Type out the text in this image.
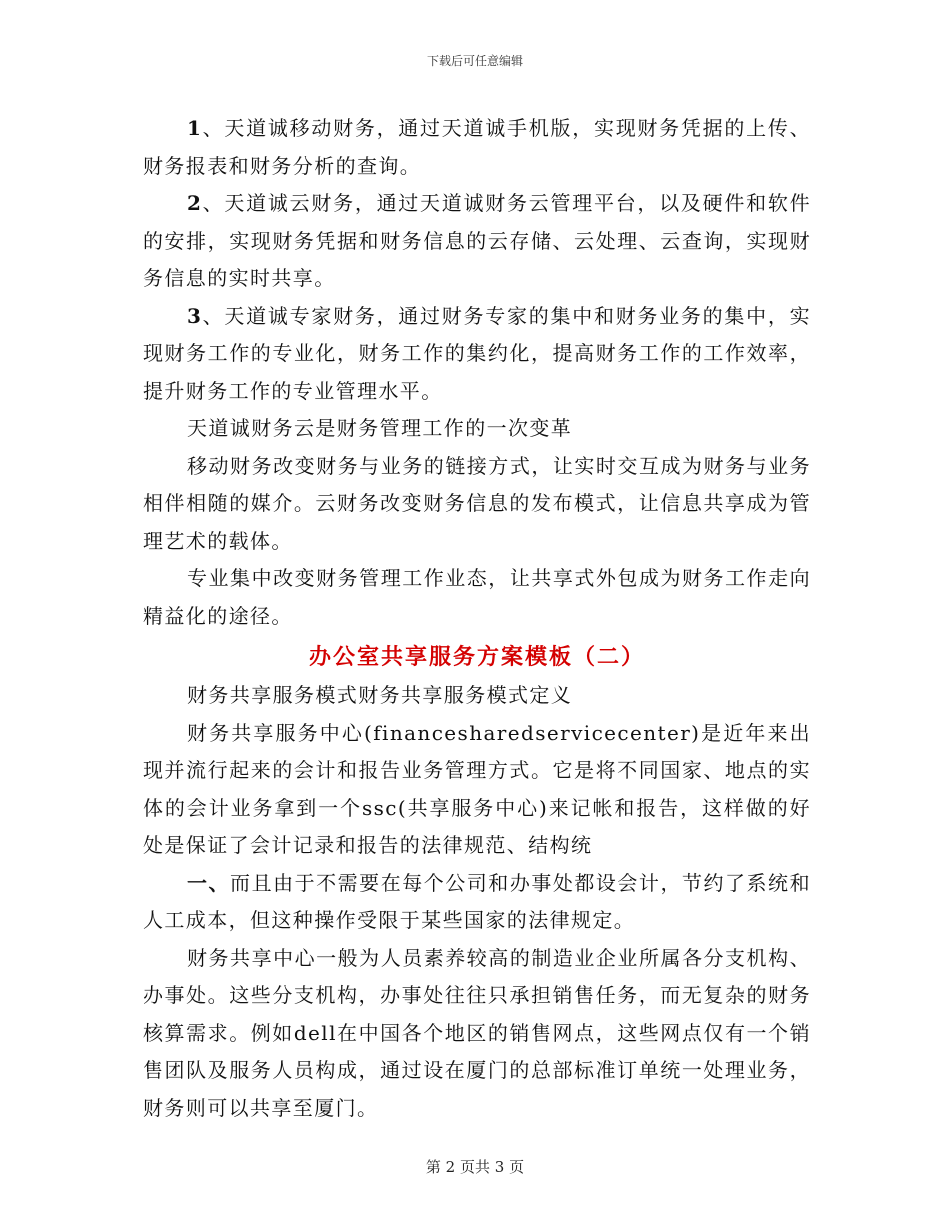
下载后可任意编辑

1、天道诚移动财务，通过天道诚手机版，实现财务凭据的上传、财务报表和财务分析的查询。

2、天道诚云财务，通过天道诚财务云管理平台，以及硬件和软件的安排，实现财务凭据和财务信息的云存储、云处理、云查询，实现财务信息的实时共享。

3、天道诚专家财务，通过财务专家的集中和财务业务的集中，实现财务工作的专业化，财务工作的集约化，提高财务工作的工作效率，提升财务工作的专业管理水平。

天道诚财务云是财务管理工作的一次变革

移动财务改变财务与业务的链接方式，让实时交互成为财务与业务相伴相随的媒介。云财务改变财务信息的发布模式，让信息共享成为管理艺术的载体。

专业集中改变财务管理工作业态，让共享式外包成为财务工作走向精益化的途径。

办公室共享服务方案模板（二）

财务共享服务模式财务共享服务模式定义

财务共享服务中心(financesharedservicecenter)是近年来出现并流行起来的会计和报告业务管理方式。它是将不同国家、地点的实体的会计业务拿到一个ssc(共享服务中心)来记帐和报告，这样做的好处是保证了会计记录和报告的法律规范、结构统

一、而且由于不需要在每个公司和办事处都设会计，节约了系统和人工成本，但这种操作受限于某些国家的法律规定。

财务共享中心一般为人员素养较高的制造业企业所属各分支机构、办事处。这些分支机构，办事处往往只承担销售任务，而无复杂的财务核算需求。例如dell在中国各个地区的销售网点，这些网点仅有一个销售团队及服务人员构成，通过设在厦门的总部标准订单统一处理业务，财务则可以共享至厦门。

第 2 页共 3 页
